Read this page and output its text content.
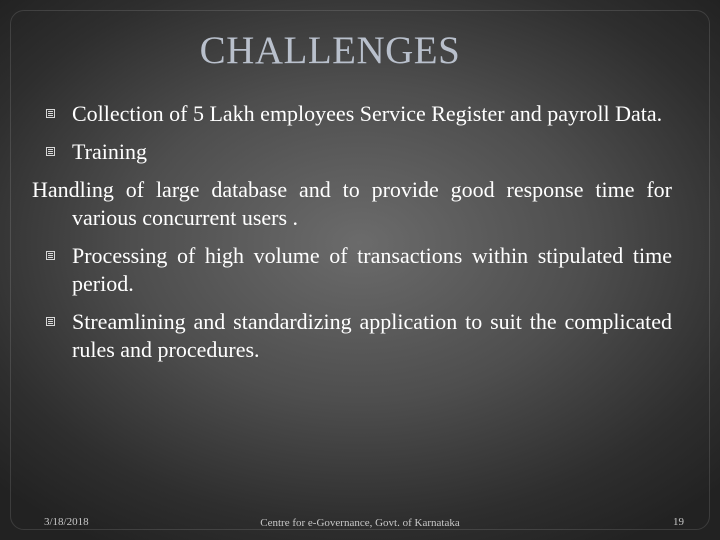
CHALLENGES
Collection of 5 Lakh employees Service Register and payroll Data.
Training
Handling of large database and to provide good response time for various concurrent users .
Processing of high volume of transactions within stipulated time period.
Streamlining and standardizing application to suit the complicated rules and procedures.
3/18/2018	Centre for e-Governance, Govt. of Karnataka	19
